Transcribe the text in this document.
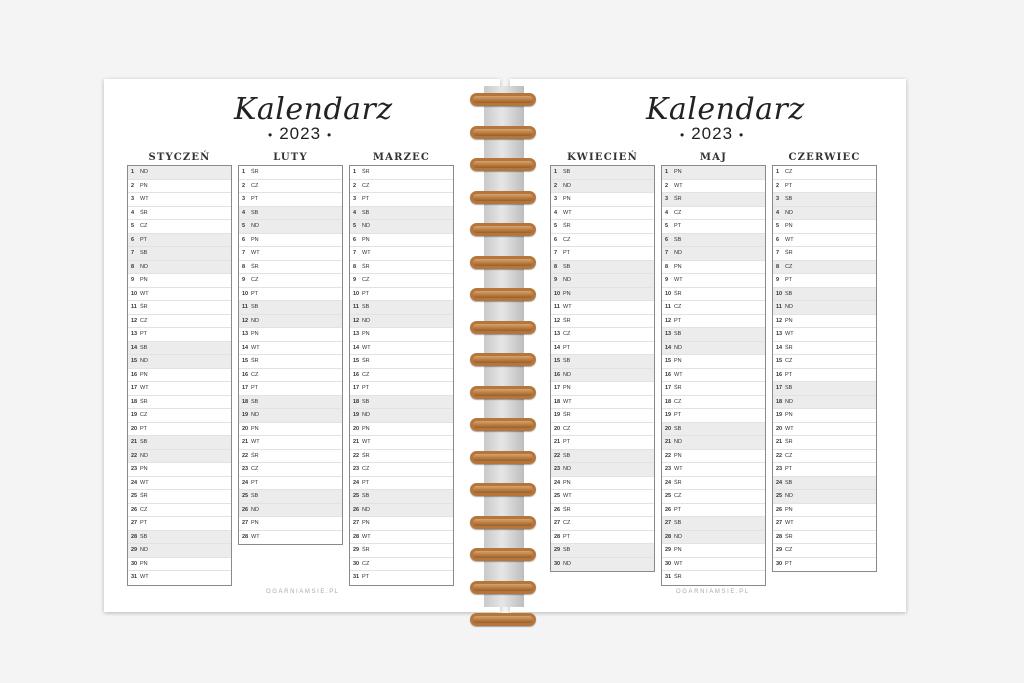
Kalendarz
• 2023 •
Kalendarz
• 2023 •
STYCZEŃ	LUTY	MARZEC	KWIECIEŃ	MAJ	CZERWIEC
1	ND
2	PN
3	WT
4	ŚR
5	CZ
6	PT
7	SB
8	ND
9	PN
10 WT
11 ŚR
12 CZ
13 PT
14 SB
15 ND
16 PN
17 WT
18 ŚR
19 CZ
20 PT
21 SB
22 ND
23 PN
24 WT
25 ŚR
26 CZ
27 PT
28 SB
29 ND
30 PN
31 WT
1	ŚR
2	CZ
3	PT
4	SB
5	ND
6	PN
7	WT
8	ŚR
9	CZ
10 PT
11 SB
12 ND
13 PN
14 WT
15 ŚR
16 CZ
17 PT
18 SB
19 ND
20 PN
21 WT
22 ŚR
23 CZ
24 PT
25 SB
26 ND
27 PN
28 WT
1	ŚR
2	CZ
3	PT
4	SB
5	ND
6	PN
7	WT
8	ŚR
9	CZ
10 PT
11 SB
12 ND
13 PN
14 WT
15 ŚR
16 CZ
17 PT
18 SB
19 ND
20 PN
21 WT
22 ŚR
23 CZ
24 PT
25 SB
26 ND
27 PN
28 WT
29 ŚR
30 CZ
31 PT
1	SB
2	ND
3	PN
4	WT
5	ŚR
6	CZ
7	PT
8	SB
9	ND
10 PN
11 WT
12 ŚR
13 CZ
14 PT
15 SB
16 ND
17 PN
18 WT
19 ŚR
20 CZ
21 PT
22 SB
23 ND
24 PN
25 WT
26 ŚR
27 CZ
28 PT
29 SB
30 ND
1	PN
2	WT
3	ŚR
4	CZ
5	PT
6	SB
7	ND
8	PN
9	WT
10 ŚR
11 CZ
12 PT
13 SB
14 ND
15 PN
16 WT
17 ŚR
18 CZ
19 PT
20 SB
21 ND
22 PN
23 WT
24 ŚR
25 CZ
26 PT
27 SB
28 ND
29 PN
30 WT
31 ŚR
1	CZ
2	PT
3	SB
4	ND
5	PN
6	WT
7	ŚR
8	CZ
9	PT
10 SB
11 ND
12 PN
13 WT
14 ŚR
15 CZ
16 PT
17 SB
18 ND
19 PN
20 WT
21 ŚR
22 CZ
23 PT
24 SB
25 ND
26 PN
27 WT
28 ŚR
29 CZ
30 PT
OGARNIAMSIE.PL	OGARNIAMSIE.PL
